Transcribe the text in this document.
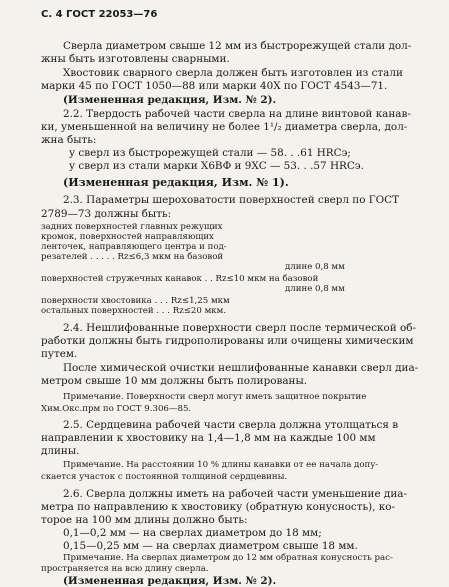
С. 4 ГОСТ 22053—76
Сверла диаметром свыше 12 мм из быстрорежущей стали дол-
жны быть изготовлены сварными.
Хвостовик сварного сверла должен быть изготовлен из стали
марки 45 по ГОСТ 1050—88 или марки 40Х по ГОСТ 4543—71.
(Измененная редакция, Изм. № 2).
2.2. Твердость рабочей части сверла на длине винтовой канав-
ки, уменьшенной на величину не более 1¹/₂ диаметра сверла, дол-
жна быть:
у сверл из быстрорежущей стали — 58. . .61 HRCэ;
у сверл из стали марки Х6ВФ и 9ХС — 53. . .57 HRCэ.
(Измененная редакция, Изм. № 1).
2.3. Параметры шероховатости поверхностей сверл по ГОСТ
2789—73 должны быть:
задних поверхностей главных режущих
кромок, поверхностей направляющих
ленточек, направляющего центра и под-
резателей . . . . . Rz≤6,3 мкм на базовой
длине 0,8 мм
поверхностей стружечных канавок . . Rz≤10 мкм на базовой
длине 0,8 мм
поверхности хвостовика . . . Rz≤1,25 мкм
остальных поверхностей . . . Rz≤20 мкм.
2.4. Нешлифованные поверхности сверл после термической об-
работки должны быть гидрополированы или очищены химическим
путем.
После химической очистки нешлифованные канавки сверл диа-
метром свыше 10 мм должны быть полированы.
Примечание. Поверхности сверл могут иметь защитное покрытие
Хим.Окс.прм по ГОСТ 9.306—85.
2.5. Сердцевина рабочей части сверла должна утолщаться в
направлении к хвостовику на 1,4—1,8 мм на каждые 100 мм
длины.
Примечание. На расстоянии 10 % длины канавки от ее начала допу-
скается участок с постоянной толщиной сердцевины.
2.6. Сверла должны иметь на рабочей части уменьшение диа-
метра по направлению к хвостовику (обратную конусность), ко-
торое на 100 мм длины должно быть:
0,1—0,2 мм — на сверлах диаметром до 18 мм;
0,15—0,25 мм — на сверлах диаметром свыше 18 мм.
Примечание. На сверлах диаметром до 12 мм обратная конусность рас-
пространяется на всю длину сверла.
(Измененная редакция, Изм. № 2).
